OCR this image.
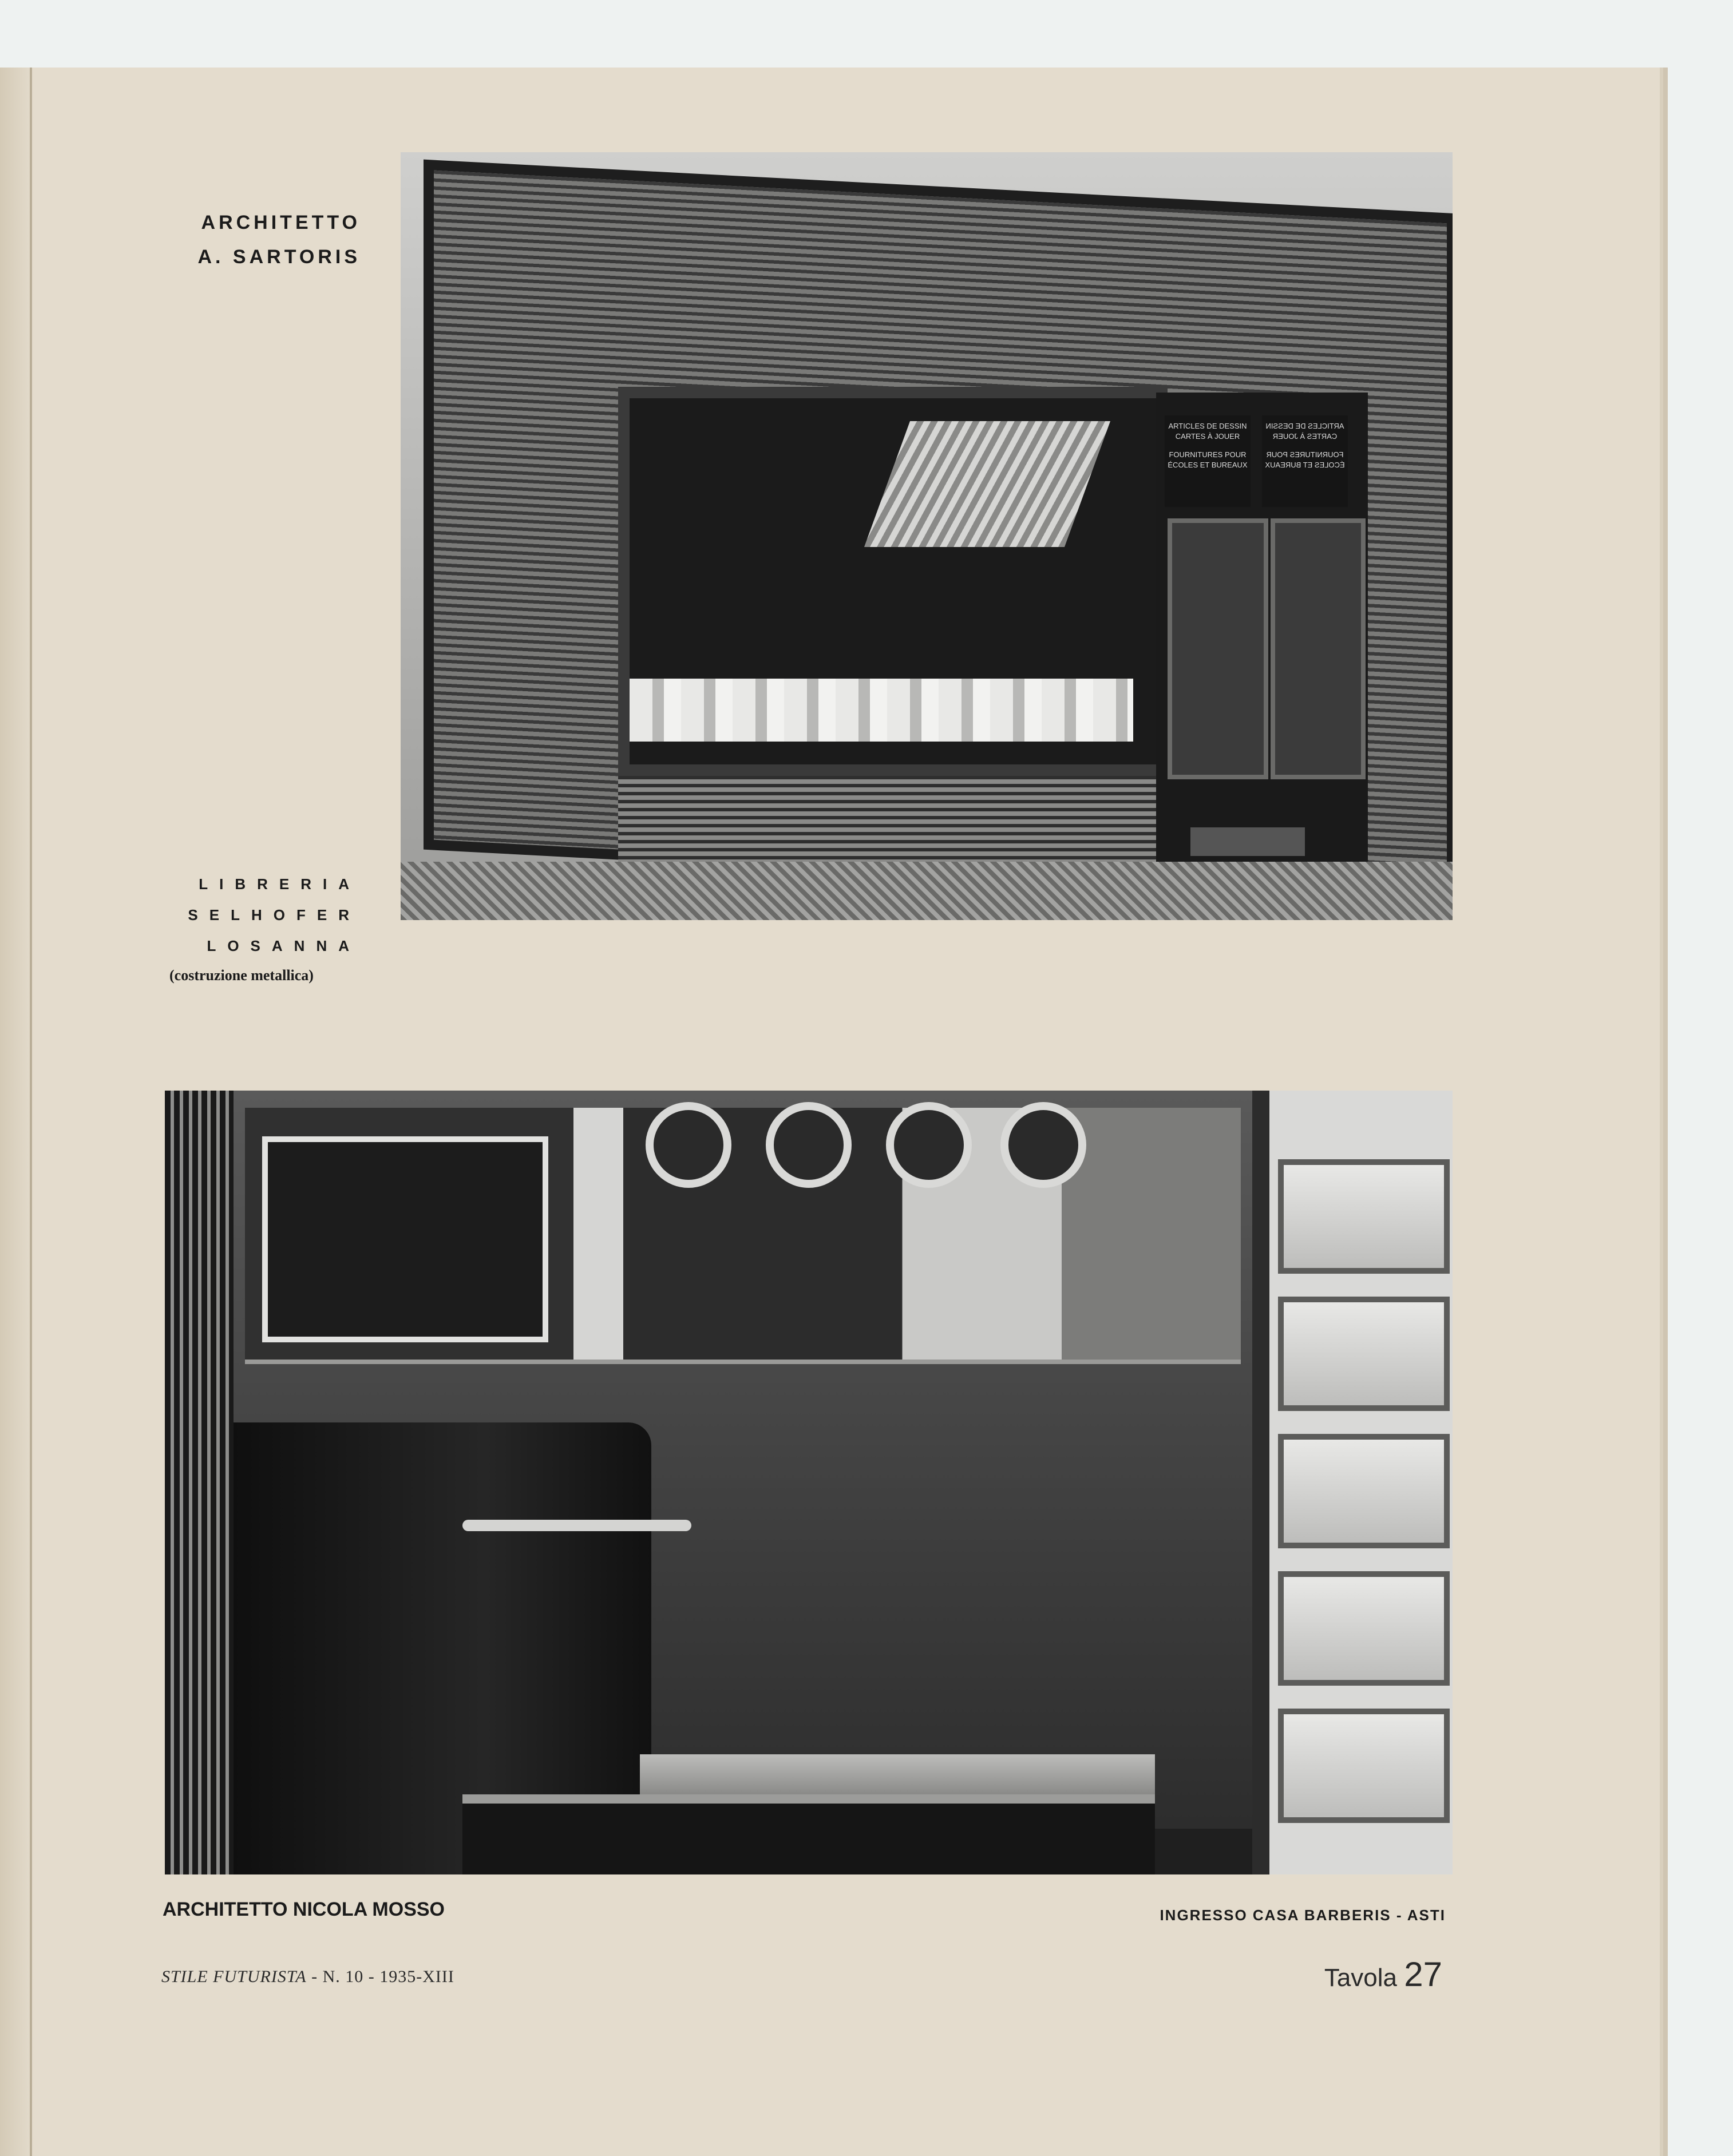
ARCHITETTO
A. SARTORIS
LIBRERIA
SELHOFER
LOSANNA
(costruzione metallica)
ARTICLES DE DESSIN
CARTES À JOUER
FOURNITURES POUR
ÉCOLES ET BUREAUX
ARTICLES DE DESSIN
CARTES À JOUER
FOURNITURES POUR
ÉCOLES ET BUREAUX
ARCHITETTO NICOLA MOSSO	INGRESSO CASA BARBERIS - ASTI
STILE FUTURISTA - N. 10 - 1935-XIII	Tavola 27
